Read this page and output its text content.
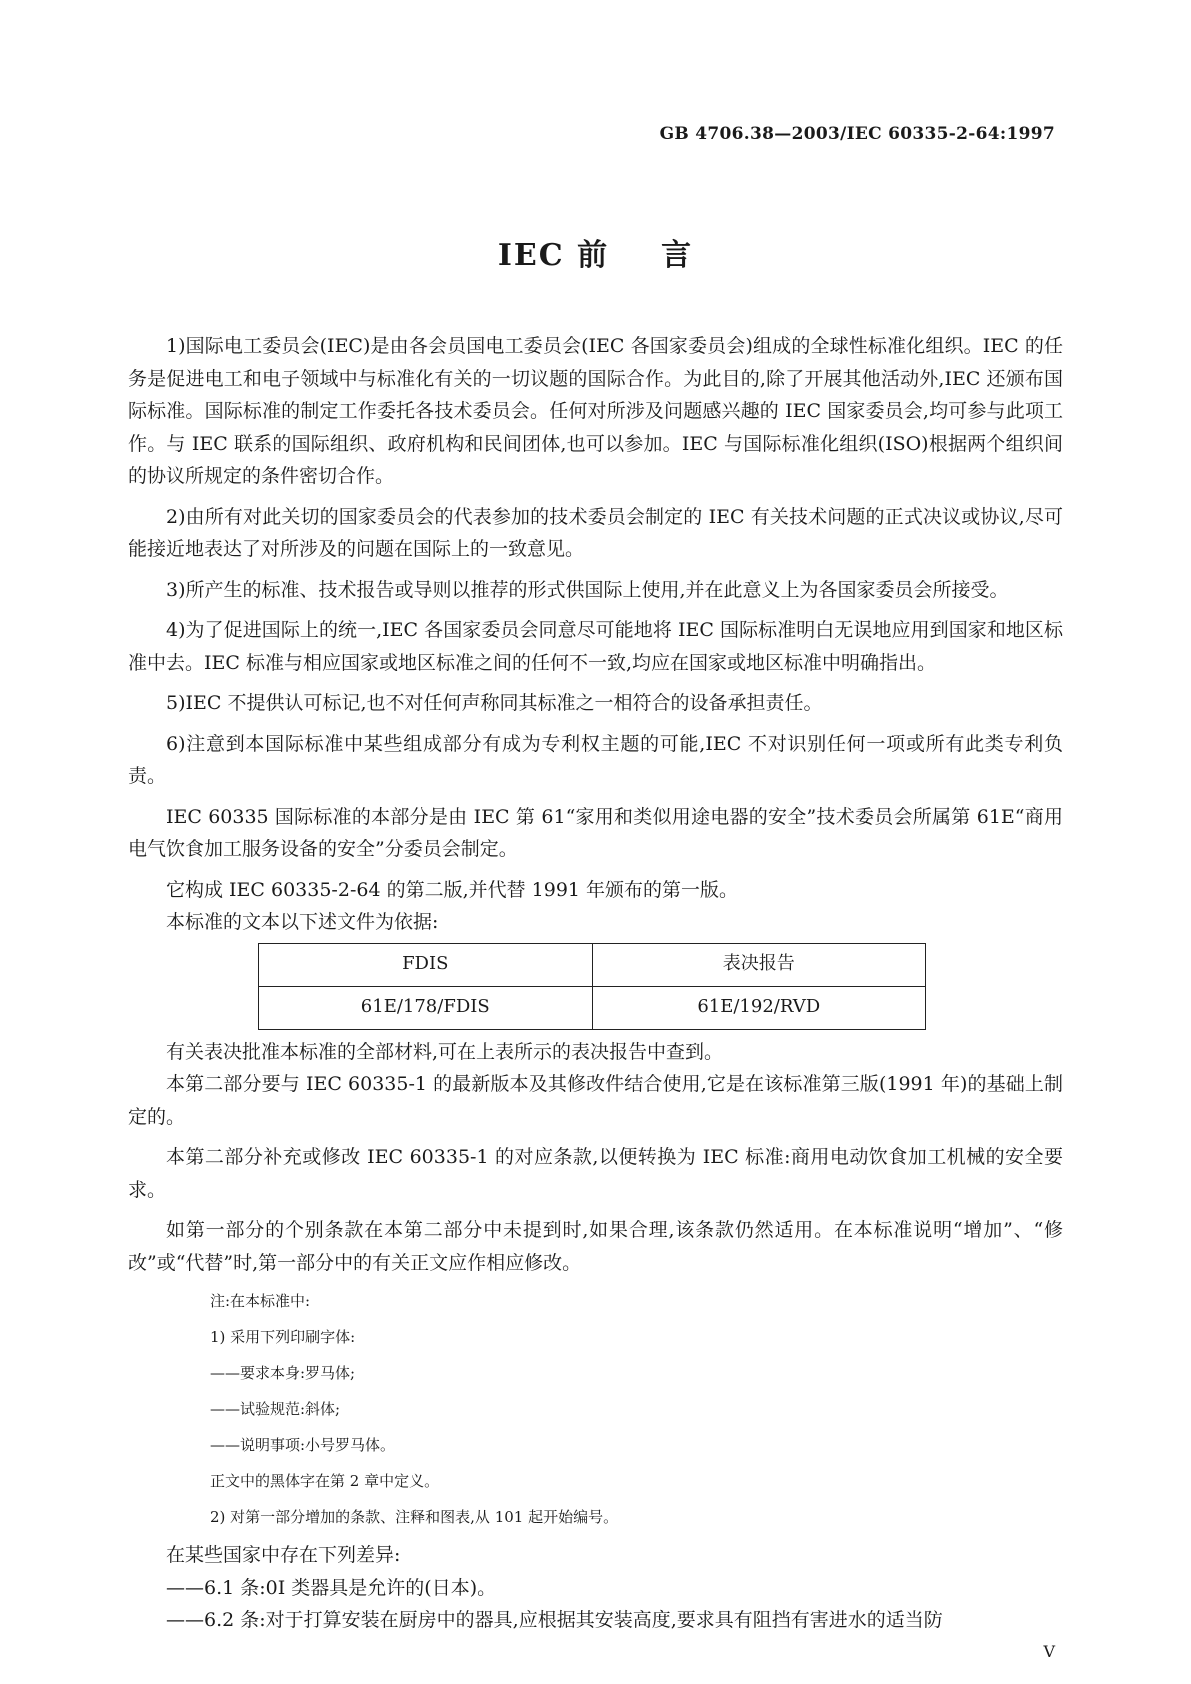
GB 4706.38—2003/IEC 60335-2-64:1997
IEC 前 言

1)国际电工委员会(IEC)是由各会员国电工委员会(IEC 各国家委员会)组成的全球性标准化组织。IEC 的任务是促进电工和电子领域中与标准化有关的一切议题的国际合作。为此目的,除了开展其他活动外,IEC 还颁布国际标准。国际标准的制定工作委托各技术委员会。任何对所涉及问题感兴趣的 IEC 国家委员会,均可参与此项工作。与 IEC 联系的国际组织、政府机构和民间团体,也可以参加。IEC 与国际标准化组织(ISO)根据两个组织间的协议所规定的条件密切合作。

2)由所有对此关切的国家委员会的代表参加的技术委员会制定的 IEC 有关技术问题的正式决议或协议,尽可能接近地表达了对所涉及的问题在国际上的一致意见。

3)所产生的标准、技术报告或导则以推荐的形式供国际上使用,并在此意义上为各国家委员会所接受。

4)为了促进国际上的统一,IEC 各国家委员会同意尽可能地将 IEC 国际标准明白无误地应用到国家和地区标准中去。IEC 标准与相应国家或地区标准之间的任何不一致,均应在国家或地区标准中明确指出。

5)IEC 不提供认可标记,也不对任何声称同其标准之一相符合的设备承担责任。

6)注意到本国际标准中某些组成部分有成为专利权主题的可能,IEC 不对识别任何一项或所有此类专利负责。

IEC 60335 国际标准的本部分是由 IEC 第 61“家用和类似用途电器的安全”技术委员会所属第 61E“商用电气饮食加工服务设备的安全”分委员会制定。

它构成 IEC 60335-2-64 的第二版,并代替 1991 年颁布的第一版。

本标准的文本以下述文件为依据:

FDIS	表决报告
61E/178/FDIS	61E/192/RVD

有关表决批准本标准的全部材料,可在上表所示的表决报告中查到。

本第二部分要与 IEC 60335-1 的最新版本及其修改件结合使用,它是在该标准第三版(1991 年)的基础上制定的。

本第二部分补充或修改 IEC 60335-1 的对应条款,以便转换为 IEC 标准:商用电动饮食加工机械的安全要求。

如第一部分的个别条款在本第二部分中未提到时,如果合理,该条款仍然适用。在本标准说明“增加”、“修改”或“代替”时,第一部分中的有关正文应作相应修改。

注:在本标准中:

1) 采用下列印刷字体:

——要求本身:罗马体;

——试验规范:斜体;

——说明事项:小号罗马体。

正文中的黑体字在第 2 章中定义。

2) 对第一部分增加的条款、注释和图表,从 101 起开始编号。

在某些国家中存在下列差异:

——6.1 条:0I 类器具是允许的(日本)。

——6.2 条:对于打算安装在厨房中的器具,应根据其安装高度,要求具有阻挡有害进水的适当防

V
